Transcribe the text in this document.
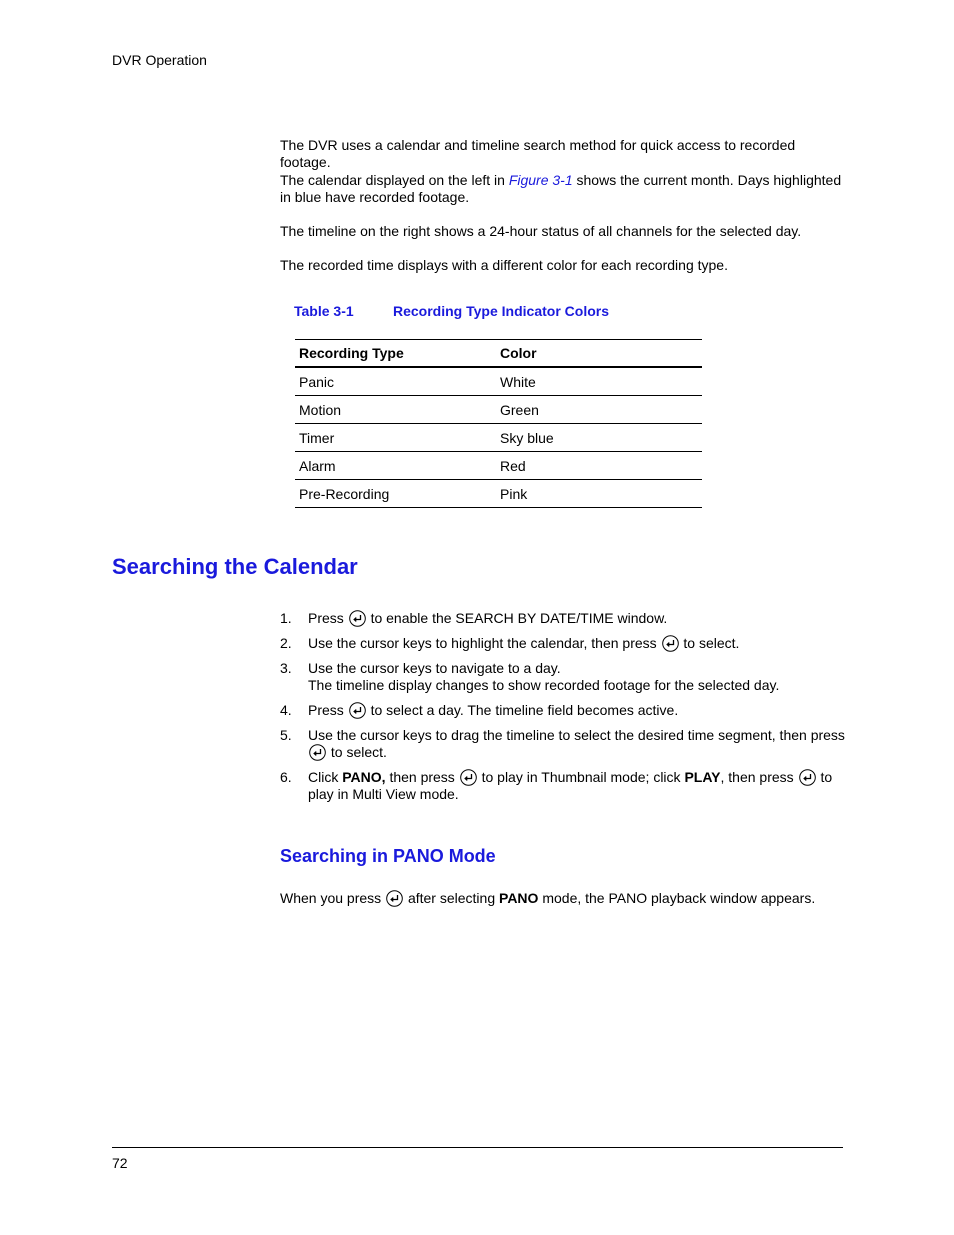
DVR Operation
The DVR uses a calendar and timeline search method for quick access to recorded footage.
The calendar displayed on the left in Figure 3-1 shows the current month. Days highlighted in blue have recorded footage.
The timeline on the right shows a 24-hour status of all channels for the selected day.
The recorded time displays with a different color for each recording type.
Table 3-1	Recording Type Indicator Colors
Recording Type	Color
Panic	White
Motion	Green
Timer	Sky blue
Alarm	Red
Pre-Recording	Pink
Searching the Calendar
1. Press to enable the SEARCH BY DATE/TIME window.
2. Use the cursor keys to highlight the calendar, then press to select.
3. Use the cursor keys to navigate to a day.
The timeline display changes to show recorded footage for the selected day.
4. Press to select a day. The timeline field becomes active.
5. Use the cursor keys to drag the timeline to select the desired time segment, then press
to select.
6. Click PANO, then press to play in Thumbnail mode; click PLAY, then press to play in Multi View mode.
Searching in PANO Mode
When you press after selecting PANO mode, the PANO playback window appears.
72
